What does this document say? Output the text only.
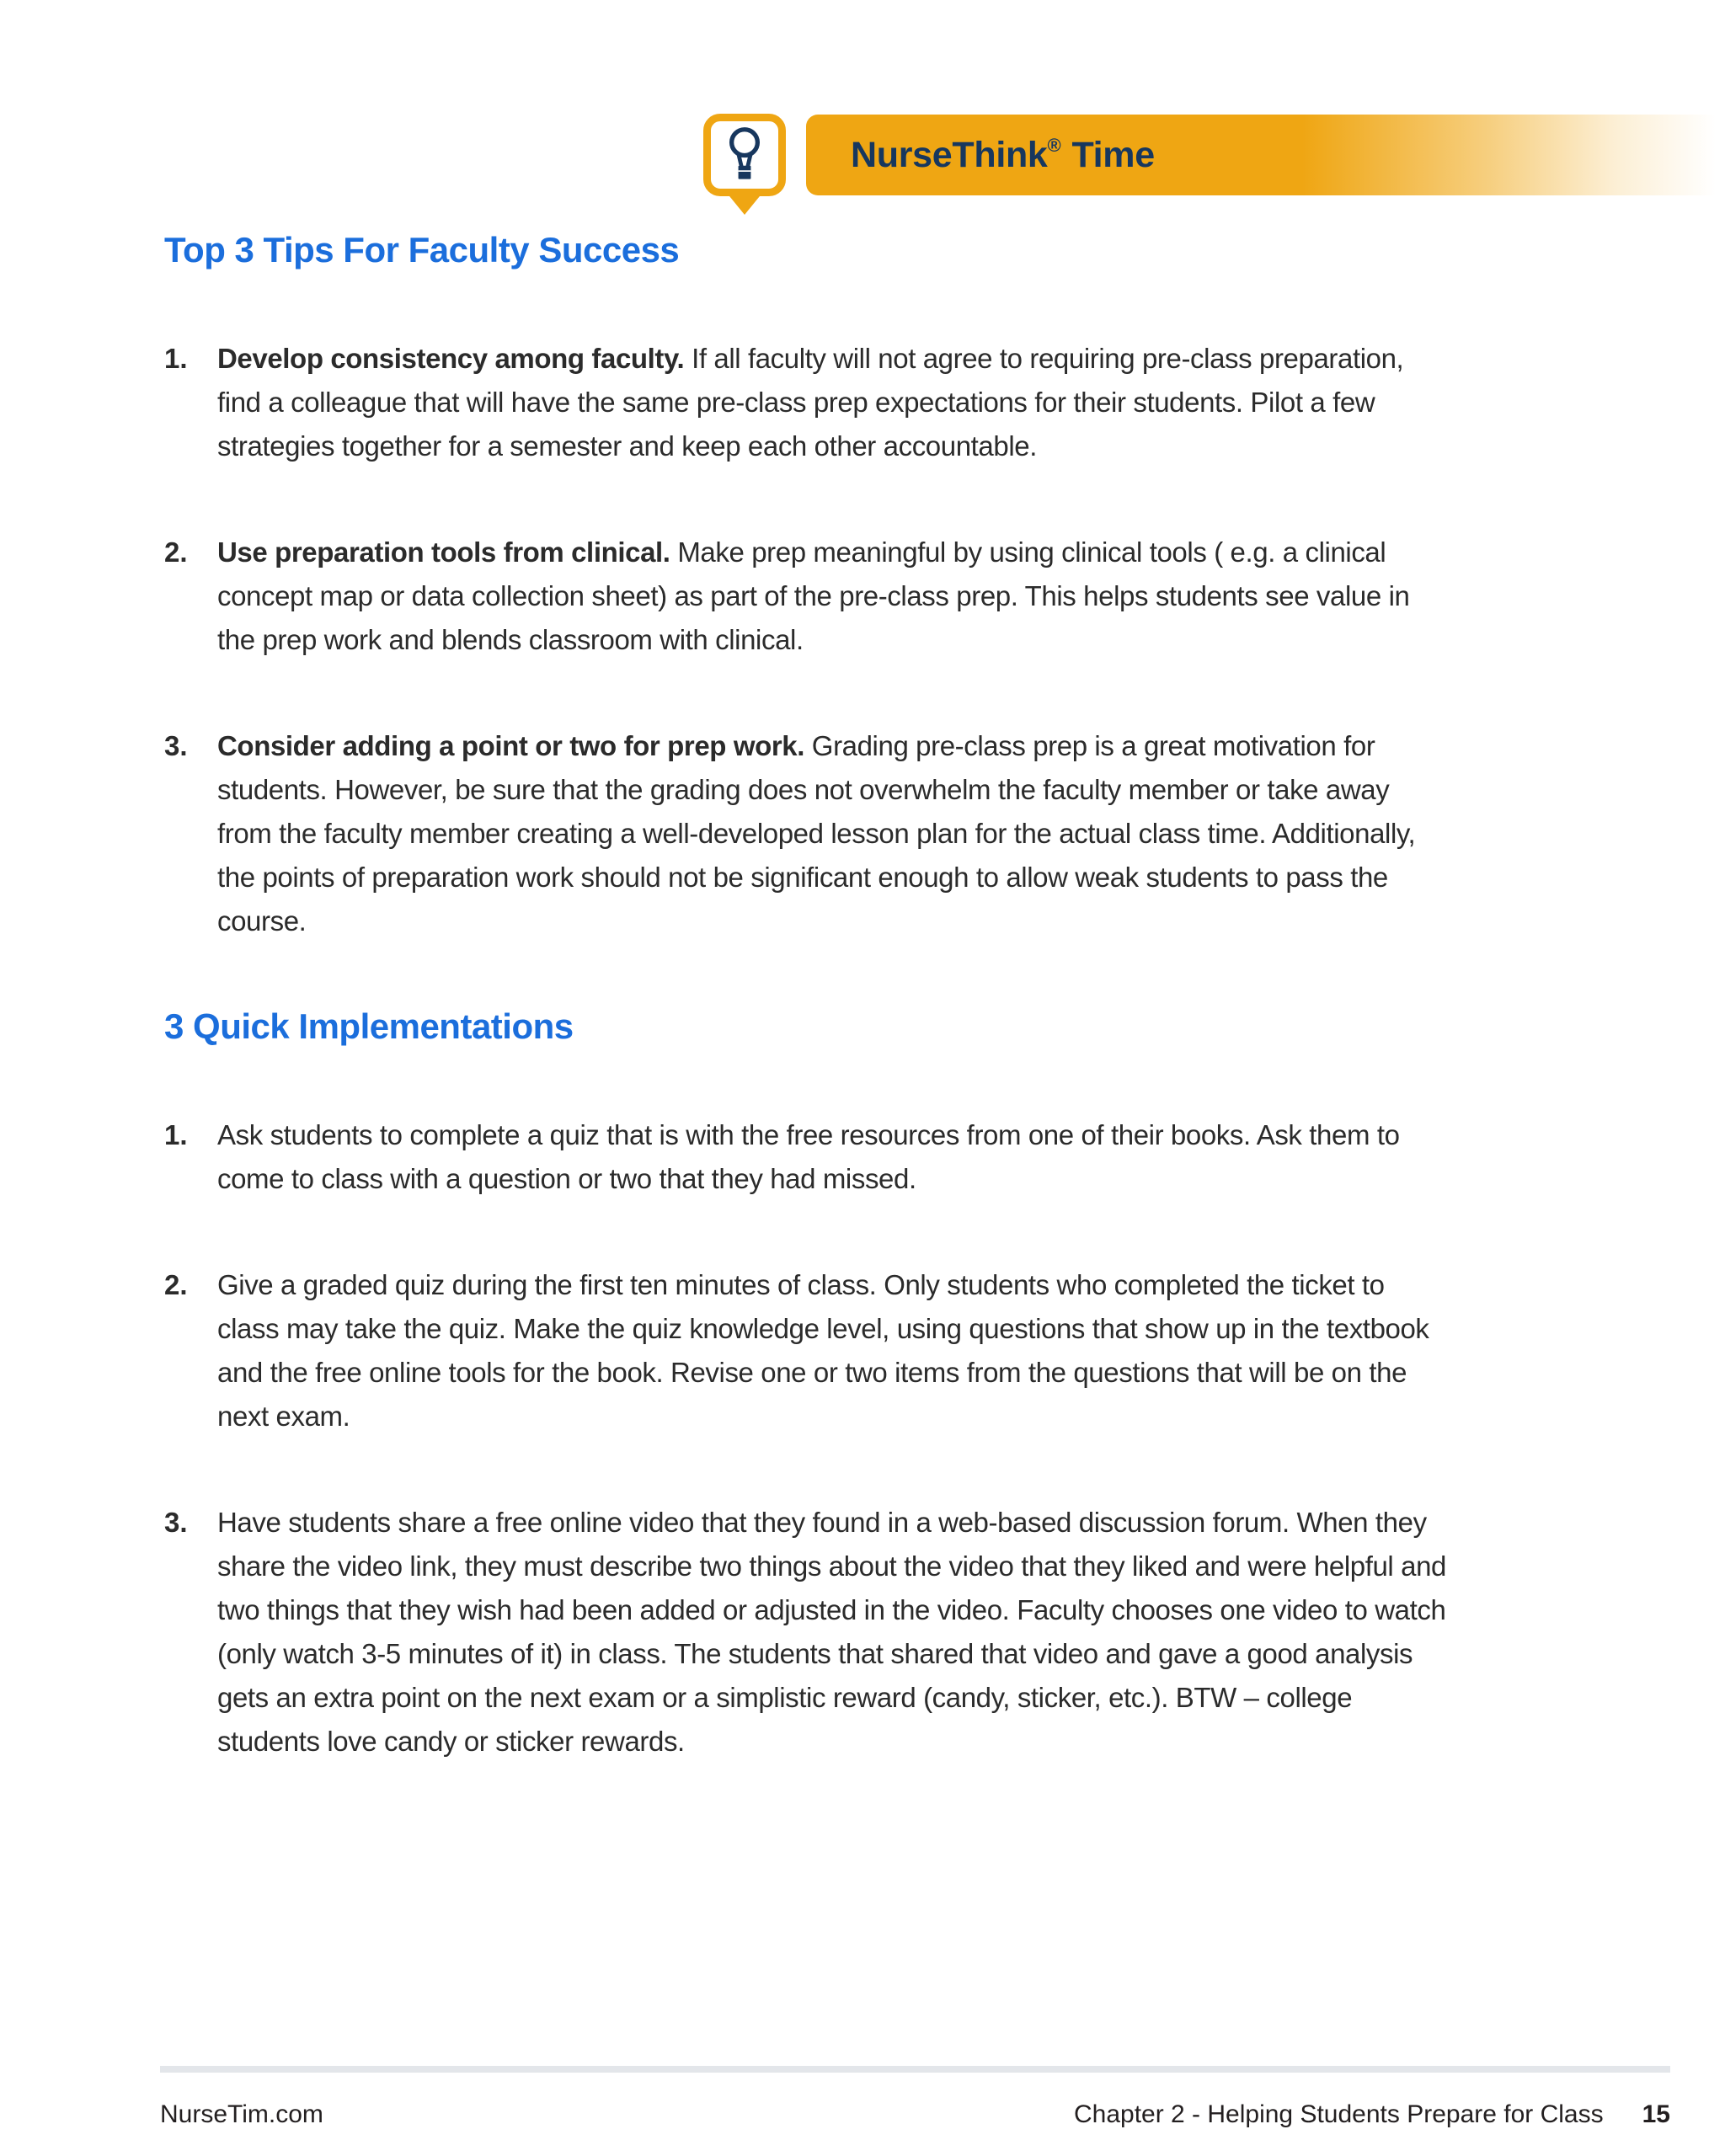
NurseThink® Time
Top 3 Tips For Faculty Success
1.	Develop consistency among faculty. If all faculty will not agree to requiring pre-class preparation, find a colleague that will have the same pre-class prep expectations for their students. Pilot a few strategies together for a semester and keep each other accountable.

2.	Use preparation tools from clinical. Make prep meaningful by using clinical tools ( e.g. a clinical concept map or data collection sheet) as part of the pre-class prep. This helps students see value in the prep work and blends classroom with clinical.

3.	Consider adding a point or two for prep work. Grading pre-class prep is a great motivation for students. However, be sure that the grading does not overwhelm the faculty member or take away from the faculty member creating a well-developed lesson plan for the actual class time. Additionally, the points of preparation work should not be significant enough to allow weak students to pass the course.

3 Quick Implementations
1.	Ask students to complete a quiz that is with the free resources from one of their books. Ask them to come to class with a question or two that they had missed.

2.	Give a graded quiz during the first ten minutes of class. Only students who completed the ticket to class may take the quiz. Make the quiz knowledge level, using questions that show up in the textbook and the free online tools for the book. Revise one or two items from the questions that will be on the next exam.

3.	Have students share a free online video that they found in a web-based discussion forum. When they share the video link, they must describe two things about the video that they liked and were helpful and two things that they wish had been added or adjusted in the video. Faculty chooses one video to watch (only watch 3-5 minutes of it) in class. The students that shared that video and gave a good analysis gets an extra point on the next exam or a simplistic reward (candy, sticker, etc.). BTW – college students love candy or sticker rewards.

NurseTim.com	Chapter 2 - Helping Students Prepare for Class 15
